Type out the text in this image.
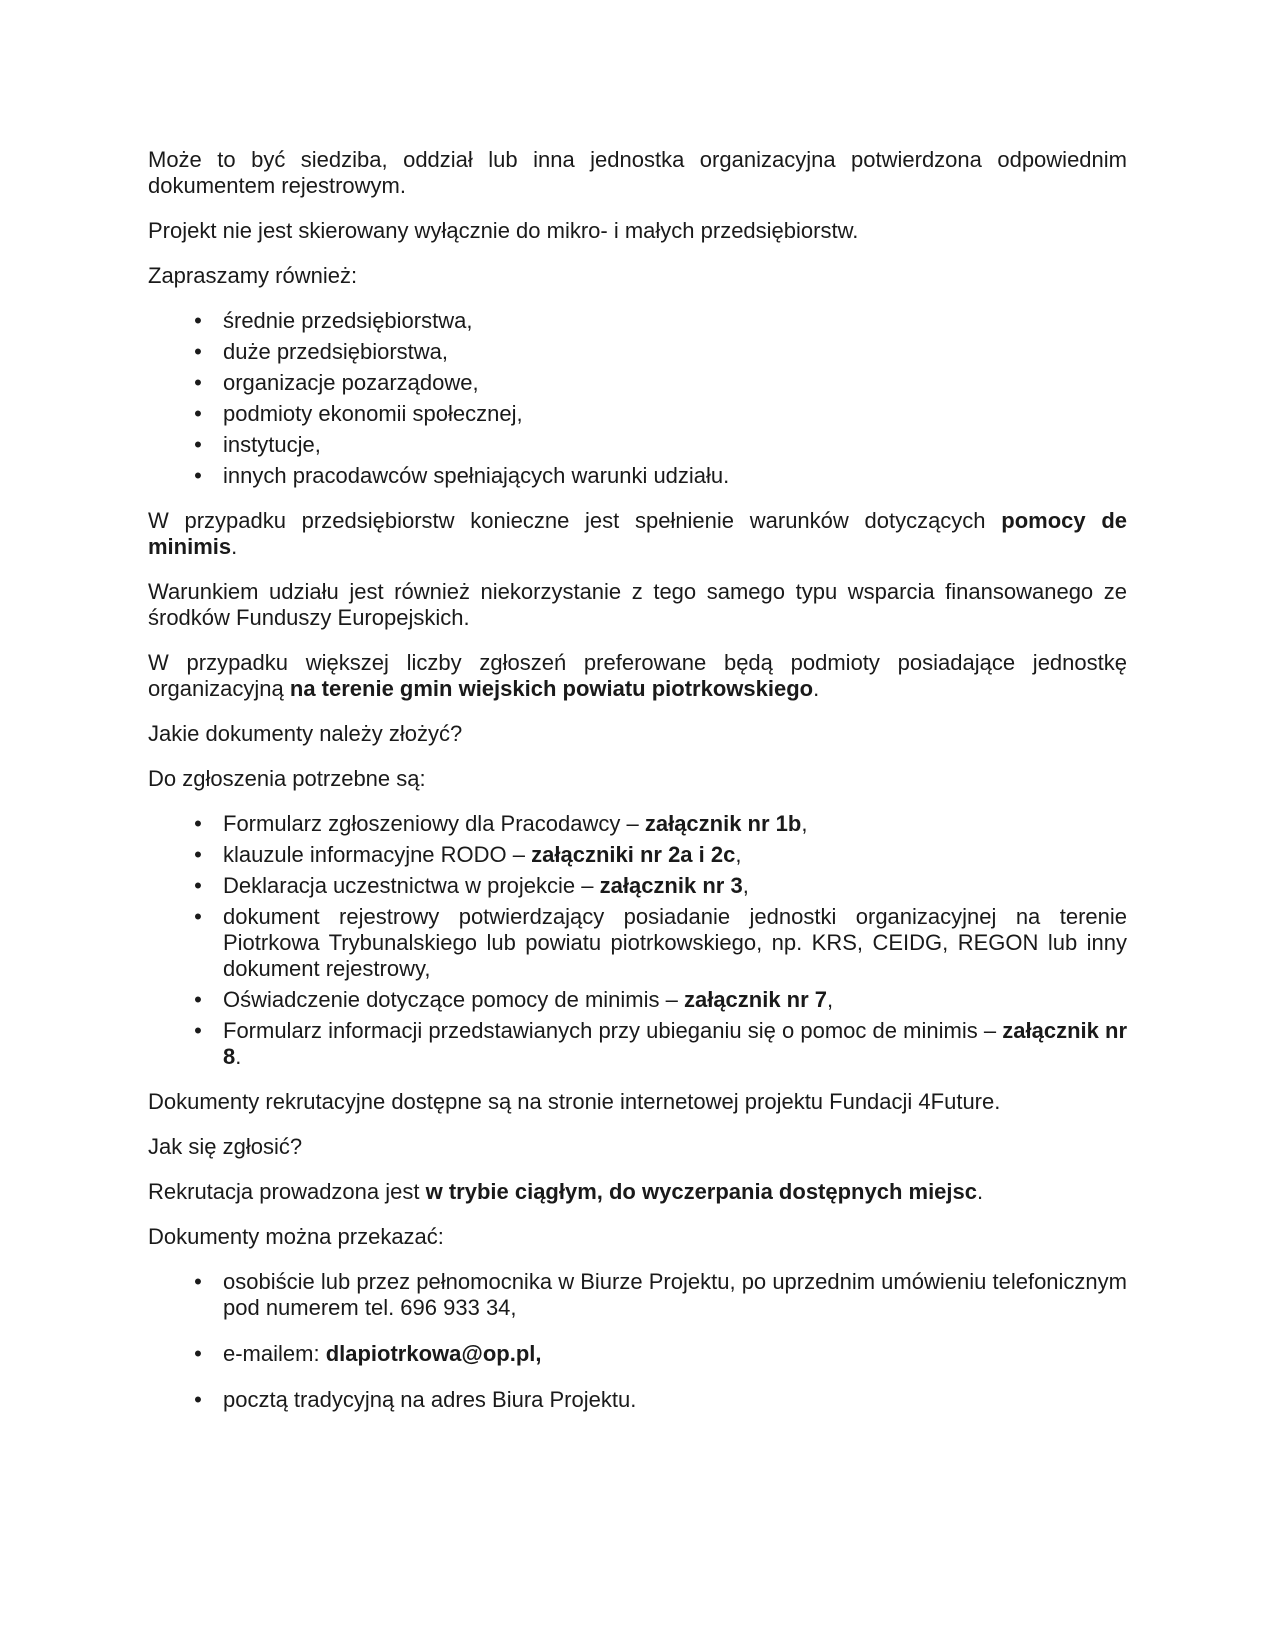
Może to być siedziba, oddział lub inna jednostka organizacyjna potwierdzona odpowiednim dokumentem rejestrowym.

Projekt nie jest skierowany wyłącznie do mikro- i małych przedsiębiorstw.

Zapraszamy również:

• średnie przedsiębiorstwa,
• duże przedsiębiorstwa,
• organizacje pozarządowe,
• podmioty ekonomii społecznej,
• instytucje,
• innych pracodawców spełniających warunki udziału.

W przypadku przedsiębiorstw konieczne jest spełnienie warunków dotyczących pomocy de minimis.

Warunkiem udziału jest również niekorzystanie z tego samego typu wsparcia finansowanego ze środków Funduszy Europejskich.

W przypadku większej liczby zgłoszeń preferowane będą podmioty posiadające jednostkę organizacyjną na terenie gmin wiejskich powiatu piotrkowskiego.

Jakie dokumenty należy złożyć?

Do zgłoszenia potrzebne są:

• Formularz zgłoszeniowy dla Pracodawcy – załącznik nr 1b,
• klauzule informacyjne RODO – załączniki nr 2a i 2c,
• Deklaracja uczestnictwa w projekcie – załącznik nr 3,
• dokument rejestrowy potwierdzający posiadanie jednostki organizacyjnej na terenie Piotrkowa Trybunalskiego lub powiatu piotrkowskiego, np. KRS, CEIDG, REGON lub inny dokument rejestrowy,
• Oświadczenie dotyczące pomocy de minimis – załącznik nr 7,
• Formularz informacji przedstawianych przy ubieganiu się o pomoc de minimis – załącznik nr 8.

Dokumenty rekrutacyjne dostępne są na stronie internetowej projektu Fundacji 4Future.

Jak się zgłosić?

Rekrutacja prowadzona jest w trybie ciągłym, do wyczerpania dostępnych miejsc.

Dokumenty można przekazać:

• osobiście lub przez pełnomocnika w Biurze Projektu, po uprzednim umówieniu telefonicznym pod numerem tel. 696 933 34,
• e-mailem: dlapiotrkowa@op.pl,
• pocztą tradycyjną na adres Biura Projektu.
